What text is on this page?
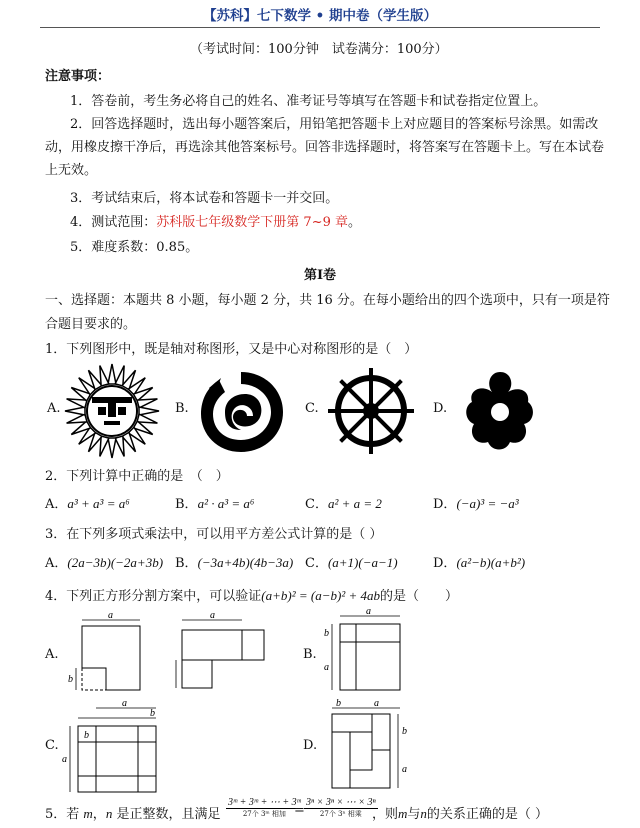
【苏科】七下数学 • 期中卷（学生版）
（考试时间：100分钟　试卷满分：100分）
注意事项：
1．答卷前，考生务必将自己的姓名、准考证号等填写在答题卡和试卷指定位置上。
2．回答选择题时，选出每小题答案后，用铅笔把答题卡上对应题目的答案标号涂黑。如需改
动，用橡皮擦干净后，再选涂其他答案标号。回答非选择题时，将答案写在答题卡上。写在本试卷
上无效。
3．考试结束后，将本试卷和答题卡一并交回。
4．测试范围：苏科版七年级数学下册第 7~9 章。
5．难度系数：0.85。
第Ⅰ卷
一、选择题：本题共 8 小题，每小题 2 分，共 16 分。在每小题给出的四个选项中，只有一项是符
合题目要求的。
1．下列图形中，既是轴对称图形，又是中心对称图形的是（　）
A.	B.	C.	D.
2．下列计算中正确的是　（　）
A．a³ + a³ = a⁶	B．a² · a³ = a⁶	C．a² + a = 2	D．(−a)³ = −a³
3．在下列多项式乘法中，可以用平方差公式计算的是（ ）
A．(2a−3b)(−2a+3b) B．(−3a+4b)(4b−3a) C．(a+1)(−a−1)	D．(a²−b)(a+b²)
4．下列正方形分割方案中，可以验证(a+b)² = (a−b)² + 4ab的是（　　）
A.	B.
C.	D.
a
b
a	a
b
a
a
b
a
b
b	a
b
a
5．若 m，n 是正整数，且满足
3ᵐ + 3ᵐ + ⋯ + 3ᵐ
27个 3ᵐ 相加 =
3ⁿ × 3ⁿ × ⋯ × 3ⁿ
27个 3ⁿ 相乘 ，则m与n的关系正确的是（ ）
